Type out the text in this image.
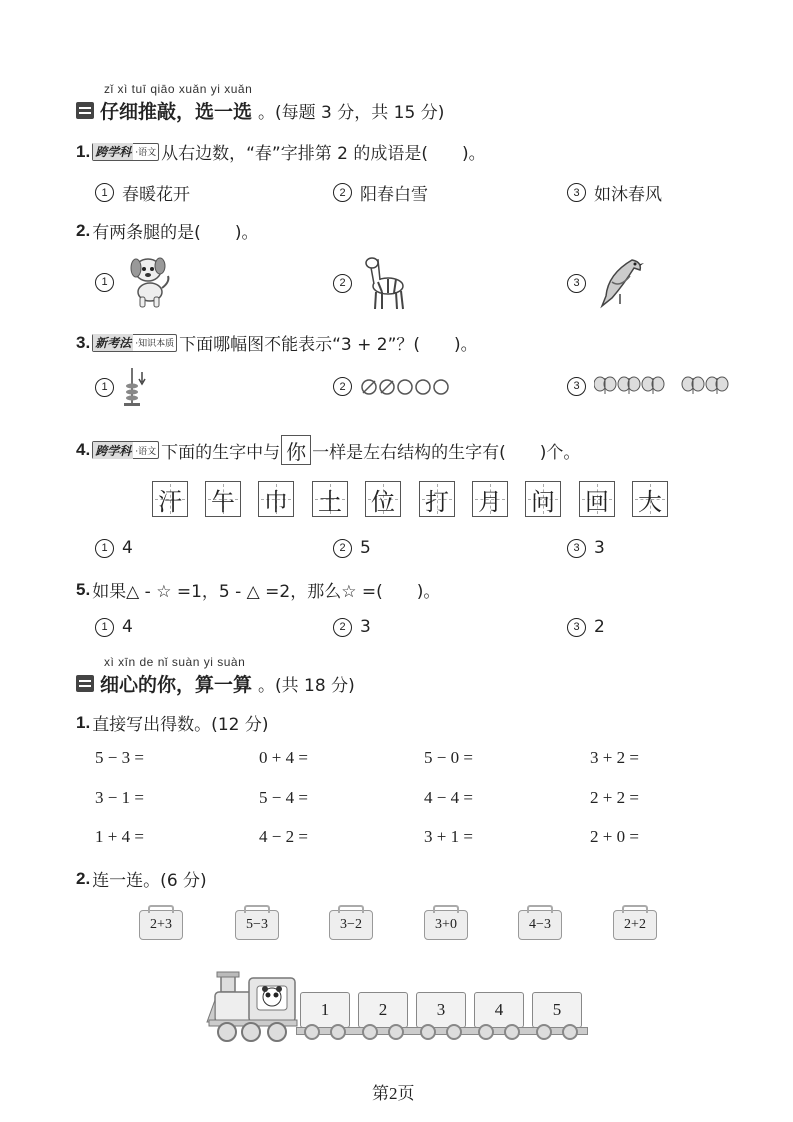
zǐ xì tuī qiāo xuǎn yi xuǎn
仔细推敲，选一选 。(每题 3 分，共 15 分)
1. 跨学科 ·语文 从右边数，“春”字排第 2 的成语是(　　)。
1 春暖花开	2 阳春白雪	3 如沐春风
2. 有两条腿的是(　　)。
1	2	3
3. 新考法 ·知识本质 下面哪幅图不能表示“3 + 2”？(　　)。
1	2	3
4. 跨学科 ·语文 下面的生字中与 你 一样是左右结构的生字有(　　)个。
汗 午 巾 土 位 打 月 问 回 大
1 4	2 5	3 3
5. 如果△ - ☆ =1，5 - △ =2，那么☆ =(　　)。
1 4	2 3	3 2
xì xīn de nǐ suàn yi suàn
细心的你，算一算 。(共 18 分)
1. 直接写出得数。(12 分)
5 − 3 =	0 + 4 =	5 − 0 =	3 + 2 =
3 − 1 =	5 − 4 =	4 − 4 =	2 + 2 =
1 + 4 =	4 − 2 =	3 + 1 =	2 + 0 =
2. 连一连。(6 分)
2+3	5−3	3−2	3+0	4−3	2+2
1	2	3	4	5
第2页
